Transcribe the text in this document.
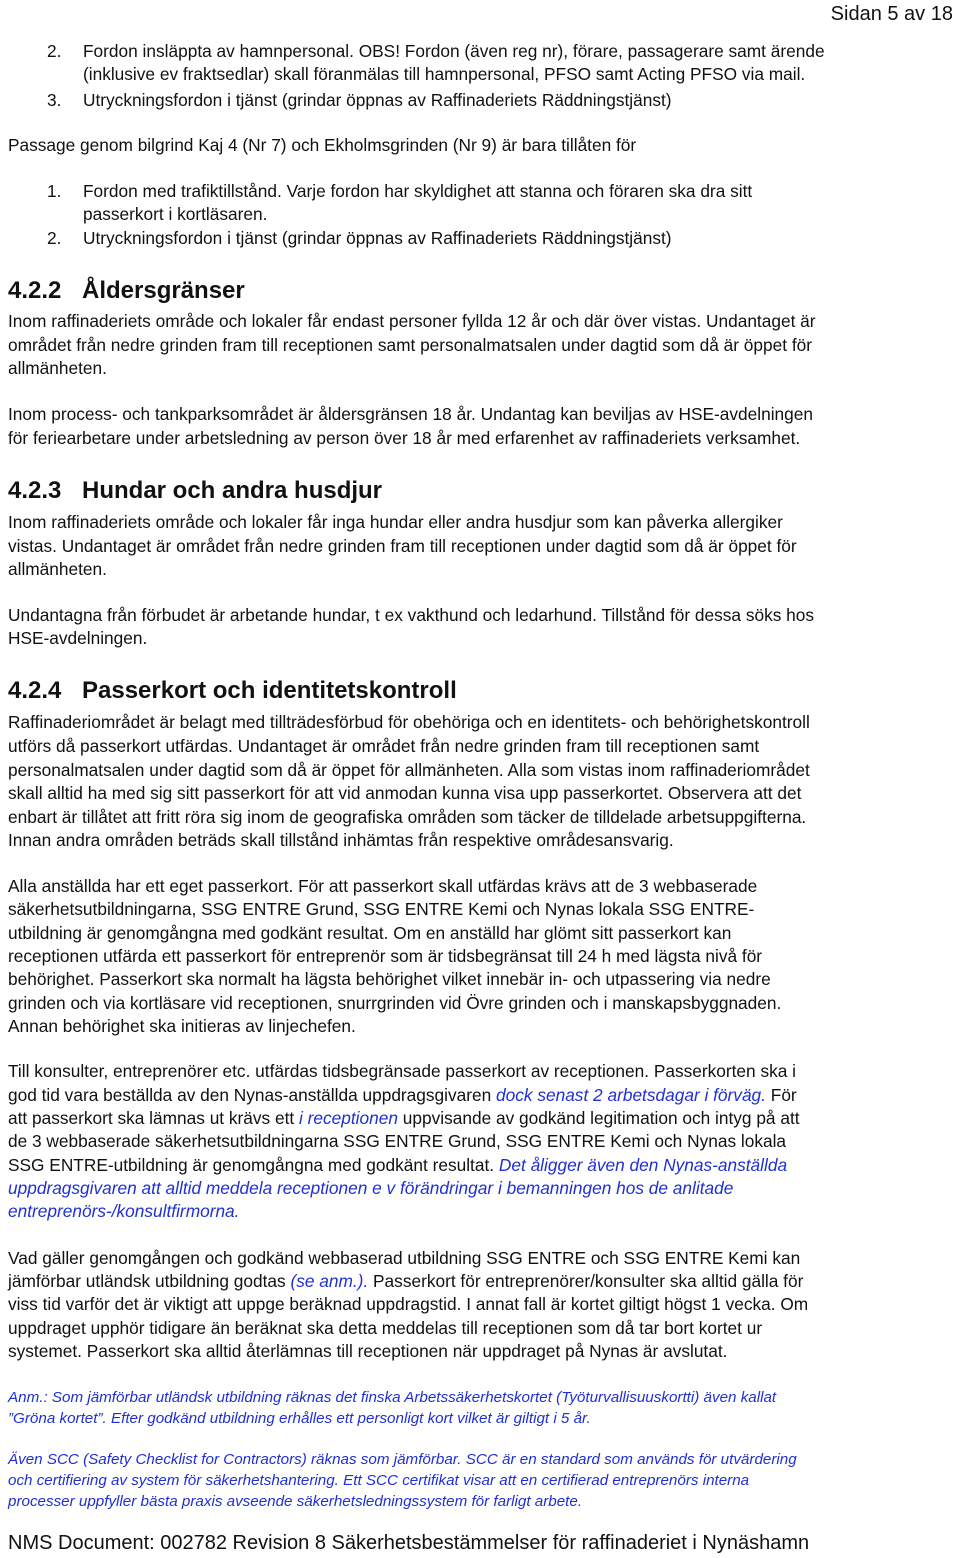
Sidan 5 av 18
2. Fordon insläppta av hamnpersonal. OBS! Fordon (även reg nr), förare, passagerare samt ärende
(inklusive ev fraktsedlar) skall föranmälas till hamnpersonal, PFSO samt Acting PFSO via mail.
3. Utryckningsfordon i tjänst (grindar öppnas av Raffinaderiets Räddningstjänst)
Passage genom bilgrind Kaj 4 (Nr 7) och Ekholmsgrinden (Nr 9) är bara tillåten för
1. Fordon med trafiktillstånd. Varje fordon har skyldighet att stanna och föraren ska dra sitt
passerkort i kortläsaren.
2. Utryckningsfordon i tjänst (grindar öppnas av Raffinaderiets Räddningstjänst)
4.2.2 Åldersgränser
Inom raffinaderiets område och lokaler får endast personer fyllda 12 år och där över vistas. Undantaget är
området från nedre grinden fram till receptionen samt personalmatsalen under dagtid som då är öppet för
allmänheten.
Inom process- och tankparksområdet är åldersgränsen 18 år. Undantag kan beviljas av HSE-avdelningen
för feriearbetare under arbetsledning av person över 18 år med erfarenhet av raffinaderiets verksamhet.
4.2.3 Hundar och andra husdjur
Inom raffinaderiets område och lokaler får inga hundar eller andra husdjur som kan påverka allergiker
vistas. Undantaget är området från nedre grinden fram till receptionen under dagtid som då är öppet för
allmänheten.
Undantagna från förbudet är arbetande hundar, t ex vakthund och ledarhund. Tillstånd för dessa söks hos
HSE-avdelningen.
4.2.4 Passerkort och identitetskontroll
Raffinaderiområdet är belagt med tillträdesförbud för obehöriga och en identitets- och behörighetskontroll
utförs då passerkort utfärdas. Undantaget är området från nedre grinden fram till receptionen samt
personalmatsalen under dagtid som då är öppet för allmänheten. Alla som vistas inom raffinaderiområdet
skall alltid ha med sig sitt passerkort för att vid anmodan kunna visa upp passerkortet. Observera att det
enbart är tillåtet att fritt röra sig inom de geografiska områden som täcker de tilldelade arbetsuppgifterna.
Innan andra områden beträds skall tillstånd inhämtas från respektive områdesansvarig.
Alla anställda har ett eget passerkort. För att passerkort skall utfärdas krävs att de 3 webbaserade
säkerhetsutbildningarna, SSG ENTRE Grund, SSG ENTRE Kemi och Nynas lokala SSG ENTRE-
utbildning är genomgångna med godkänt resultat. Om en anställd har glömt sitt passerkort kan
receptionen utfärda ett passerkort för entreprenör som är tidsbegränsat till 24 h med lägsta nivå för
behörighet. Passerkort ska normalt ha lägsta behörighet vilket innebär in- och utpassering via nedre
grinden och via kortläsare vid receptionen, snurrgrinden vid Övre grinden och i manskapsbyggnaden.
Annan behörighet ska initieras av linjechefen.
Till konsulter, entreprenörer etc. utfärdas tidsbegränsade passerkort av receptionen. Passerkorten ska i
god tid vara beställda av den Nynas-anställda uppdragsgivaren dock senast 2 arbetsdagar i förväg. För
att passerkort ska lämnas ut krävs ett i receptionen uppvisande av godkänd legitimation och intyg på att
de 3 webbaserade säkerhetsutbildningarna SSG ENTRE Grund, SSG ENTRE Kemi och Nynas lokala
SSG ENTRE-utbildning är genomgångna med godkänt resultat. Det åligger även den Nynas-anställda
uppdragsgivaren att alltid meddela receptionen e v förändringar i bemanningen hos de anlitade
entreprenörs-/konsultfirmorna.
Vad gäller genomgången och godkänd webbaserad utbildning SSG ENTRE och SSG ENTRE Kemi kan
jämförbar utländsk utbildning godtas (se anm.). Passerkort för entreprenörer/konsulter ska alltid gälla för
viss tid varför det är viktigt att uppge beräknad uppdragstid. I annat fall är kortet giltigt högst 1 vecka. Om
uppdraget upphör tidigare än beräknat ska detta meddelas till receptionen som då tar bort kortet ur
systemet. Passerkort ska alltid återlämnas till receptionen när uppdraget på Nynas är avslutat.
Anm.: Som jämförbar utländsk utbildning räknas det finska Arbetssäkerhetskortet (Työturvallisuuskortti) även kallat
”Gröna kortet”. Efter godkänd utbildning erhålles ett personligt kort vilket är giltigt i 5 år.
Även SCC (Safety Checklist for Contractors) räknas som jämförbar. SCC är en standard som används för utvärdering
och certifiering av system för säkerhetshantering. Ett SCC certifikat visar att en certifierad entreprenörs interna
processer uppfyller bästa praxis avseende säkerhetsledningssystem för farligt arbete.
NMS Document: 002782 Revision 8 Säkerhetsbestämmelser för raffinaderiet i Nynäshamn
